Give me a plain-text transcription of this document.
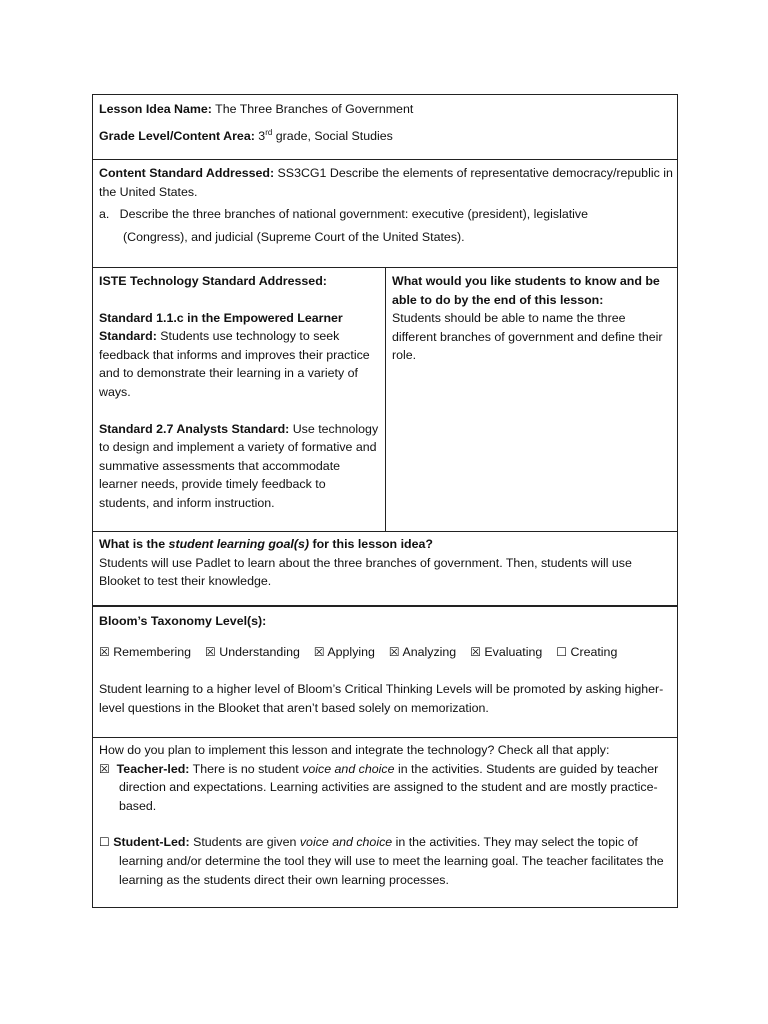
Lesson Idea Name: The Three Branches of Government

Grade Level/Content Area: 3rd grade, Social Studies

Content Standard Addressed: SS3CG1 Describe the elements of representative democracy/republic in the United States.

a. Describe the three branches of national government: executive (president), legislative

(Congress), and judicial (Supreme Court of the United States).

ISTE Technology Standard Addressed:

Standard 1.1.c in the Empowered Learner Standard: Students use technology to seek feedback that informs and improves their practice and to demonstrate their learning in a variety of ways.

Standard 2.7 Analysts Standard: Use technology to design and implement a variety of formative and summative assessments that accommodate learner needs, provide timely feedback to students, and inform instruction.

What would you like students to know and be able to do by the end of this lesson:

Students should be able to name the three different branches of government and define their role.

What is the student learning goal(s) for this lesson idea?

Students will use Padlet to learn about the three branches of government. Then, students will use Blooket to test their knowledge.

Bloom’s Taxonomy Level(s):

☒ Remembering ☒ Understanding ☒ Applying ☒ Analyzing ☒ Evaluating ☐ Creating

Student learning to a higher level of Bloom’s Critical Thinking Levels will be promoted by asking higher-level questions in the Blooket that aren’t based solely on memorization.

How do you plan to implement this lesson and integrate the technology? Check all that apply:

☒ Teacher-led: There is no student voice and choice in the activities. Students are guided by teacher direction and expectations. Learning activities are assigned to the student and are mostly practice-based.

☐ Student-Led: Students are given voice and choice in the activities. They may select the topic of learning and/or determine the tool they will use to meet the learning goal. The teacher facilitates the learning as the students direct their own learning processes.
